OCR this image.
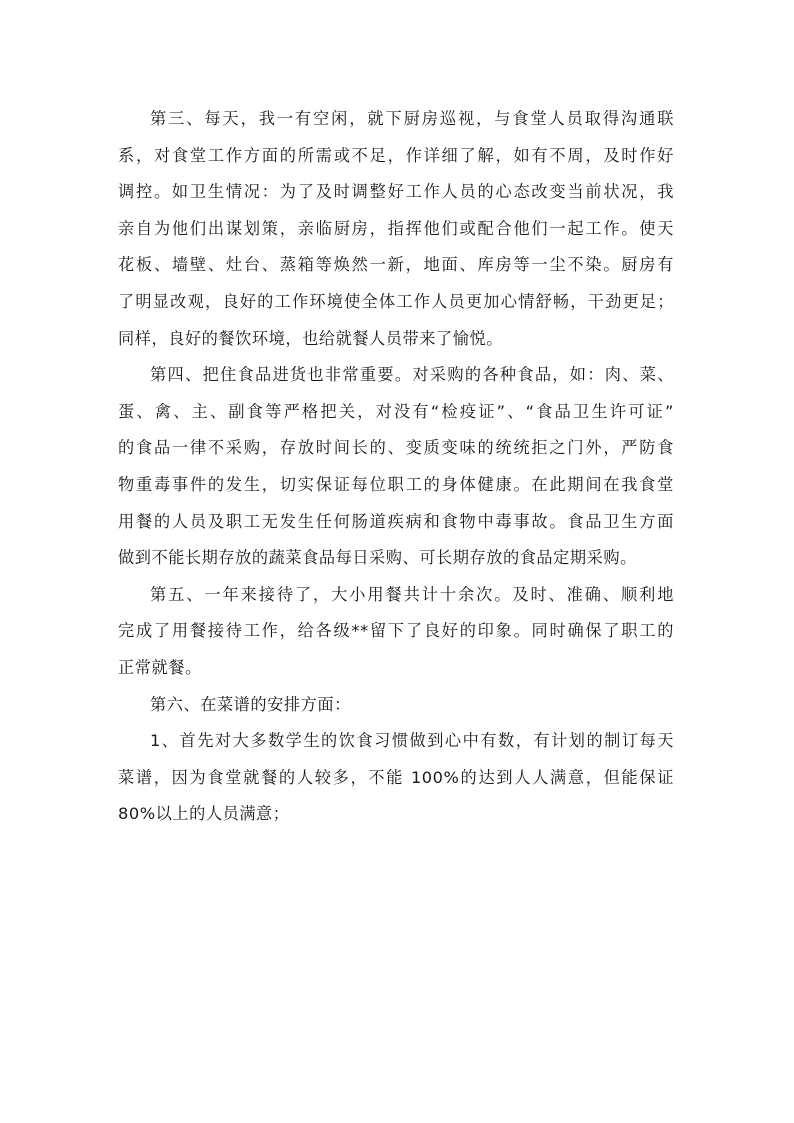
第三、每天，我一有空闲，就下厨房巡视，与食堂人员取得沟通联
系，对食堂工作方面的所需或不足，作详细了解，如有不周，及时作好
调控。如卫生情况：为了及时调整好工作人员的心态改变当前状况，我
亲自为他们出谋划策，亲临厨房，指挥他们或配合他们一起工作。使天
花板、墙壁、灶台、蒸箱等焕然一新，地面、库房等一尘不染。厨房有
了明显改观，良好的工作环境使全体工作人员更加心情舒畅，干劲更足；
同样，良好的餐饮环境，也给就餐人员带来了愉悦。
第四、把住食品进货也非常重要。对采购的各种食品，如：肉、菜、
蛋、禽、主、副食等严格把关，对没有“检疫证”、“食品卫生许可证”
的食品一律不采购，存放时间长的、变质变味的统统拒之门外，严防食
物重毒事件的发生，切实保证每位职工的身体健康。在此期间在我食堂
用餐的人员及职工无发生任何肠道疾病和食物中毒事故。食品卫生方面
做到不能长期存放的蔬菜食品每日采购、可长期存放的食品定期采购。
第五、一年来接待了，大小用餐共计十余次。及时、准确、顺利地
完成了用餐接待工作，给各级**留下了良好的印象。同时确保了职工的
正常就餐。
第六、在菜谱的安排方面：
1、首先对大多数学生的饮食习惯做到心中有数，有计划的制订每天
菜谱，因为食堂就餐的人较多，不能 100%的达到人人满意，但能保证
80%以上的人员满意；
